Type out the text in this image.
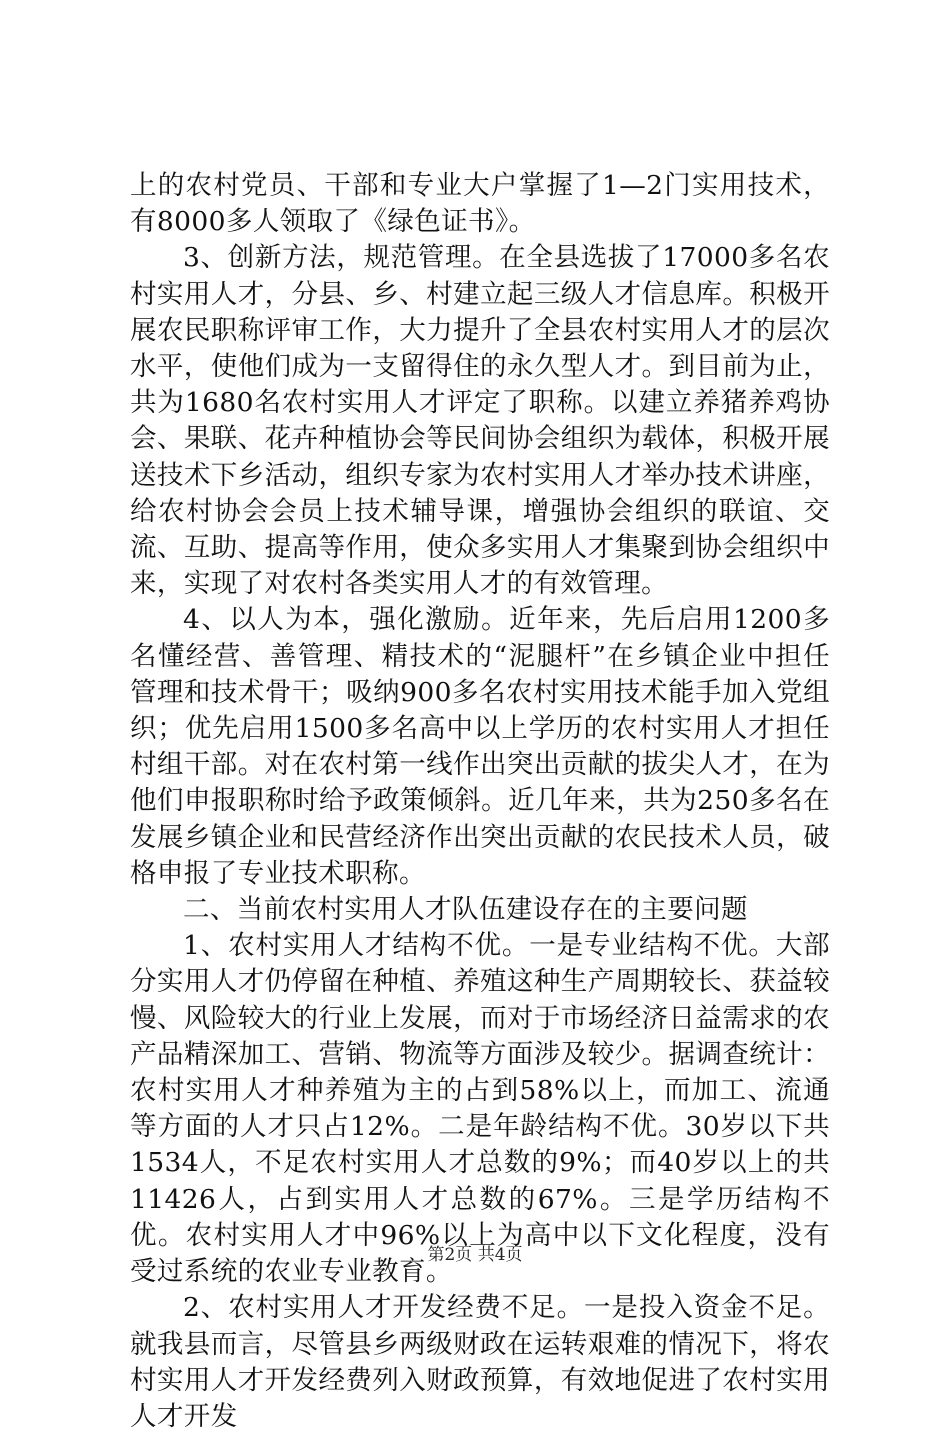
上的农村党员、干部和专业大户掌握了1—2门实用技术，有8000多人领取了《绿色证书》。

3、创新方法，规范管理。在全县选拔了17000多名农村实用人才，分县、乡、村建立起三级人才信息库。积极开展农民职称评审工作，大力提升了全县农村实用人才的层次水平，使他们成为一支留得住的永久型人才。到目前为止，共为1680名农村实用人才评定了职称。以建立养猪养鸡协会、果联、花卉种植协会等民间协会组织为载体，积极开展送技术下乡活动，组织专家为农村实用人才举办技术讲座，给农村协会会员上技术辅导课，增强协会组织的联谊、交流、互助、提高等作用，使众多实用人才集聚到协会组织中来，实现了对农村各类实用人才的有效管理。

4、以人为本，强化激励。近年来，先后启用1200多名懂经营、善管理、精技术的“泥腿杆”在乡镇企业中担任管理和技术骨干；吸纳900多名农村实用技术能手加入党组织；优先启用1500多名高中以上学历的农村实用人才担任村组干部。对在农村第一线作出突出贡献的拔尖人才，在为他们申报职称时给予政策倾斜。近几年来，共为250多名在发展乡镇企业和民营经济作出突出贡献的农民技术人员，破格申报了专业技术职称。

二、当前农村实用人才队伍建设存在的主要问题

1、农村实用人才结构不优。一是专业结构不优。大部分实用人才仍停留在种植、养殖这种生产周期较长、获益较慢、风险较大的行业上发展，而对于市场经济日益需求的农产品精深加工、营销、物流等方面涉及较少。据调查统计：农村实用人才种养殖为主的占到58%以上，而加工、流通等方面的人才只占12%。二是年龄结构不优。30岁以下共1534人，不足农村实用人才总数的9%；而40岁以上的共11426人，占到实用人才总数的67%。三是学历结构不优。农村实用人才中96%以上为高中以下文化程度，没有受过系统的农业专业教育。

2、农村实用人才开发经费不足。一是投入资金不足。就我县而言，尽管县乡两级财政在运转艰难的情况下，将农村实用人才开发经费列入财政预算，有效地促进了农村实用人才开发

第2页 共4页
